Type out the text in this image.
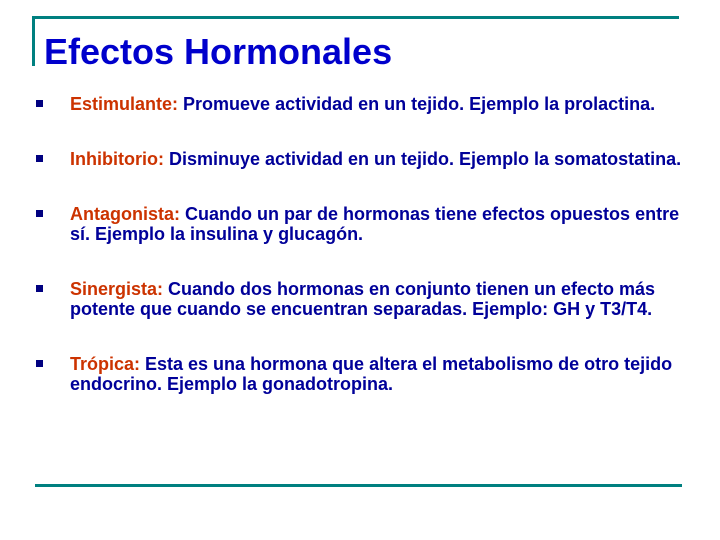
Efectos Hormonales
Estimulante: Promueve actividad en un tejido. Ejemplo la prolactina.
Inhibitorio: Disminuye actividad en un tejido. Ejemplo la somatostatina.
Antagonista: Cuando un par de hormonas tiene efectos opuestos entre sí. Ejemplo la insulina y glucagón.
Sinergista: Cuando dos hormonas en conjunto tienen un efecto más potente que cuando se encuentran separadas. Ejemplo: GH y T3/T4.
Trópica: Esta es una hormona que altera el metabolismo de otro tejido endocrino. Ejemplo la gonadotropina.
